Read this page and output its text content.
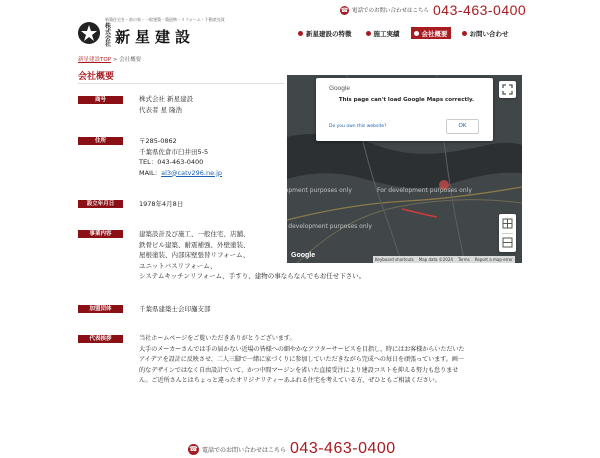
新築住宅を・前の家・一般建築・築造物・リフォーム・不動産売買
株式会社 新星建設
☎ 電話でのお問い合わせはこちら 043-463-0400
新星建設の特徴	施工実績	会社概要	お問い合わせ
新星建設TOP > 会社概要
会社概要
商号	株式会社 新星建設
代表者 星 隆浩
住所	〒285-0862
千葉県佐倉市臼井田5-5
TEL：043-463-0400
MAIL：al3@catv296.ne.jp
設立年月日	1978年4月8日
事業内容	建築設計及び施工、一般住宅、店舗、
鉄骨ビル建築、耐震補強、外壁塗装、
屋根塗装、内部床壁張替リフォーム、
ユニットバスリフォーム、
システムキッチンリフォーム、手すり、建物の事ならなんでもお任せ下さい。
加盟団体	千葉県建築士会印旛支部
代表挨拶	当社ホームページをご覧いただきありがとうございます。
大手のメーカーさんでは手の届かない近場の皆様への細やかなアフターサービスを目指し、時にはお客様からいただいた
アイデアを設計に反映させ、二人三脚で一緒に家づくりに参加していただきながら完成への毎日を頑張っています。画一
的なデザインではなく自由設計でいて、かつ中間マージンを省いた直接受注により建設コストを抑える努力も怠りませ
ん。ご近所さんとはちょっと違ったオリジナリティーあふれる住宅を考えている方、ぜひともご相談ください。
For development purposes only	For development purposes only
For development purposes only
Google
This page can't load Google Maps correctly.
Do you own this website?	OK
Google
Keyboard shortcuts Map data ©2024 Terms Report a map error
☎ 電話でのお問い合わせはこちら 043-463-0400
